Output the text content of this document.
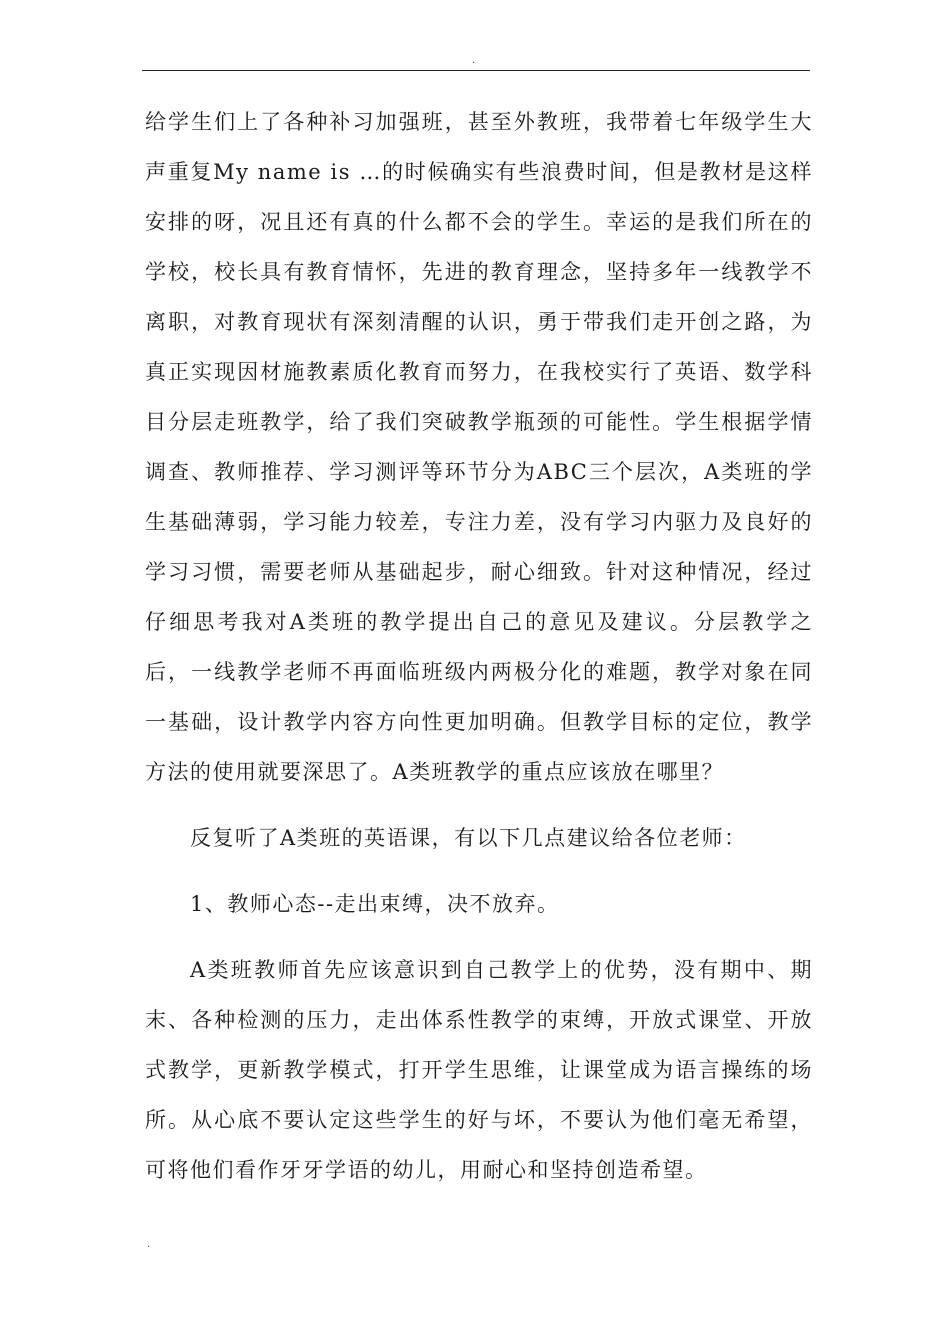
.

给学生们上了各种补习加强班，甚至外教班，我带着七年级学生大声重复My name is …的时候确实有些浪费时间，但是教材是这样安排的呀，况且还有真的什么都不会的学生。幸运的是我们所在的学校，校长具有教育情怀，先进的教育理念，坚持多年一线教学不离职，对教育现状有深刻清醒的认识，勇于带我们走开创之路，为真正实现因材施教素质化教育而努力，在我校实行了英语、数学科目分层走班教学，给了我们突破教学瓶颈的可能性。学生根据学情调查、教师推荐、学习测评等环节分为ABC三个层次，A类班的学生基础薄弱，学习能力较差，专注力差，没有学习内驱力及良好的学习习惯，需要老师从基础起步，耐心细致。针对这种情况，经过仔细思考我对A类班的教学提出自己的意见及建议。分层教学之后，一线教学老师不再面临班级内两极分化的难题，教学对象在同一基础，设计教学内容方向性更加明确。但教学目标的定位，教学方法的使用就要深思了。A类班教学的重点应该放在哪里？

反复听了A类班的英语课，有以下几点建议给各位老师：

1、教师心态--走出束缚，决不放弃。

A类班教师首先应该意识到自己教学上的优势，没有期中、期末、各种检测的压力，走出体系性教学的束缚，开放式课堂、开放式教学，更新教学模式，打开学生思维，让课堂成为语言操练的场所。从心底不要认定这些学生的好与坏，不要认为他们毫无希望，可将他们看作牙牙学语的幼儿，用耐心和坚持创造希望。

.
